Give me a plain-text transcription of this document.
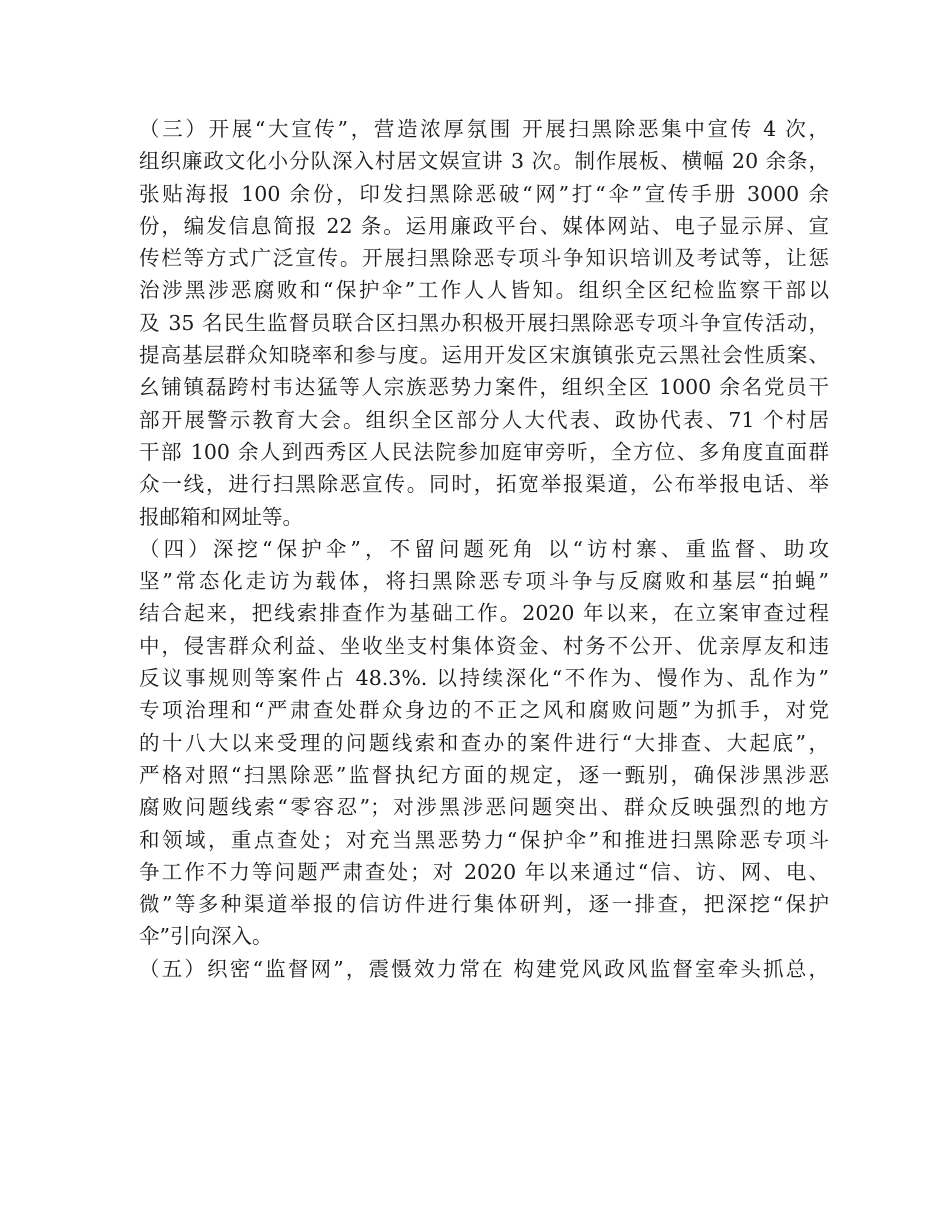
（三）开展“大宣传”，营造浓厚氛围 开展扫黑除恶集中宣传 4 次，
组织廉政文化小分队深入村居文娱宣讲 3 次。制作展板、横幅 20 余条，
张贴海报 100 余份，印发扫黑除恶破“网”打“伞”宣传手册 3000 余
份，编发信息简报 22 条。运用廉政平台、媒体网站、电子显示屏、宣
传栏等方式广泛宣传。开展扫黑除恶专项斗争知识培训及考试等，让惩
治涉黑涉恶腐败和“保护伞”工作人人皆知。组织全区纪检监察干部以
及 35 名民生监督员联合区扫黑办积极开展扫黑除恶专项斗争宣传活动，
提高基层群众知晓率和参与度。运用开发区宋旗镇张克云黑社会性质案、
幺铺镇磊跨村韦达猛等人宗族恶势力案件，组织全区 1000 余名党员干
部开展警示教育大会。组织全区部分人大代表、政协代表、71 个村居
干部 100 余人到西秀区人民法院参加庭审旁听，全方位、多角度直面群
众一线，进行扫黑除恶宣传。同时，拓宽举报渠道，公布举报电话、举
报邮箱和网址等。
（四）深挖“保护伞”，不留问题死角 以“访村寨、重监督、助攻
坚”常态化走访为载体，将扫黑除恶专项斗争与反腐败和基层“拍蝇”
结合起来，把线索排查作为基础工作。2020 年以来，在立案审查过程
中，侵害群众利益、坐收坐支村集体资金、村务不公开、优亲厚友和违
反议事规则等案件占 48.3%. 以持续深化“不作为、慢作为、乱作为”
专项治理和“严肃查处群众身边的不正之风和腐败问题”为抓手，对党
的十八大以来受理的问题线索和查办的案件进行“大排查、大起底”，
严格对照“扫黑除恶”监督执纪方面的规定，逐一甄别，确保涉黑涉恶
腐败问题线索“零容忍”；对涉黑涉恶问题突出、群众反映强烈的地方
和领域，重点查处；对充当黑恶势力“保护伞”和推进扫黑除恶专项斗
争工作不力等问题严肃查处；对 2020 年以来通过“信、访、网、电、
微”等多种渠道举报的信访件进行集体研判，逐一排查，把深挖“保护
伞”引向深入。
（五）织密“监督网”，震慑效力常在 构建党风政风监督室牵头抓总，
